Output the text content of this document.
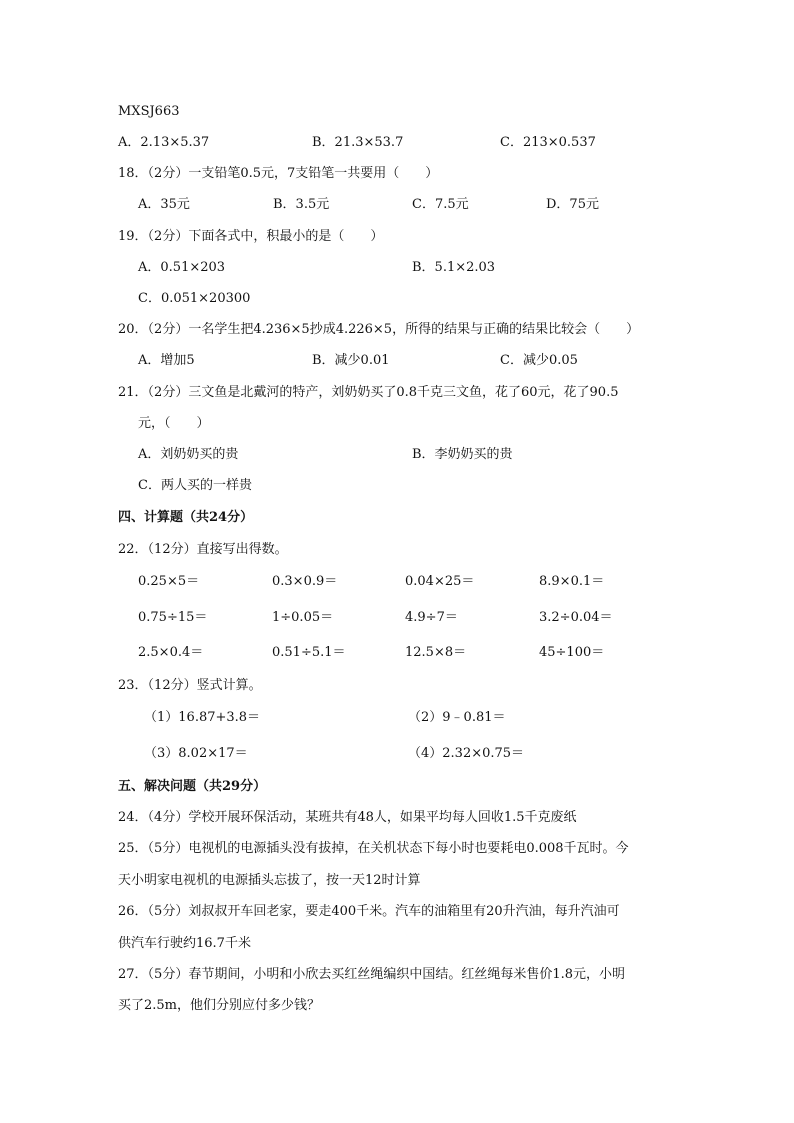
MXSJ663
A．2.13×5.37	B．21.3×53.7	C．213×0.537
18．（2分）一支铅笔0.5元，7支铅笔一共要用（　　）
A．35元	B．3.5元	C．7.5元	D．75元
19．（2分）下面各式中，积最小的是（　　）
A．0.51×203	B．5.1×2.03
C．0.051×20300
20．（2分）一名学生把4.236×5抄成4.226×5，所得的结果与正确的结果比较会（　　）
A．增加5	B．减少0.01	C．减少0.05
21．（2分）三文鱼是北戴河的特产，刘奶奶买了0.8千克三文鱼，花了60元，花了90.5
元，（　　）
A．刘奶奶买的贵	B．李奶奶买的贵
C．两人买的一样贵
四、计算题（共24分）
22．（12分）直接写出得数。
0.25×5＝	0.3×0.9＝	0.04×25＝	8.9×0.1＝
0.75÷15＝	1÷0.05＝	4.9÷7＝	3.2÷0.04＝
2.5×0.4＝	0.51÷5.1＝	12.5×8＝	45÷100＝
23．（12分）竖式计算。
（1）16.87+3.8＝	（2）9﹣0.81＝
（3）8.02×17＝	（4）2.32×0.75＝
五、解决问题（共29分）
24．（4分）学校开展环保活动，某班共有48人，如果平均每人回收1.5千克废纸
25．（5分）电视机的电源插头没有拔掉，在关机状态下每小时也要耗电0.008千瓦时。今
天小明家电视机的电源插头忘拔了，按一天12时计算
26．（5分）刘叔叔开车回老家，要走400千米。汽车的油箱里有20升汽油，每升汽油可
供汽车行驶约16.7千米
27．（5分）春节期间，小明和小欣去买红丝绳编织中国结。红丝绳每米售价1.8元，小明
买了2.5m，他们分别应付多少钱？
